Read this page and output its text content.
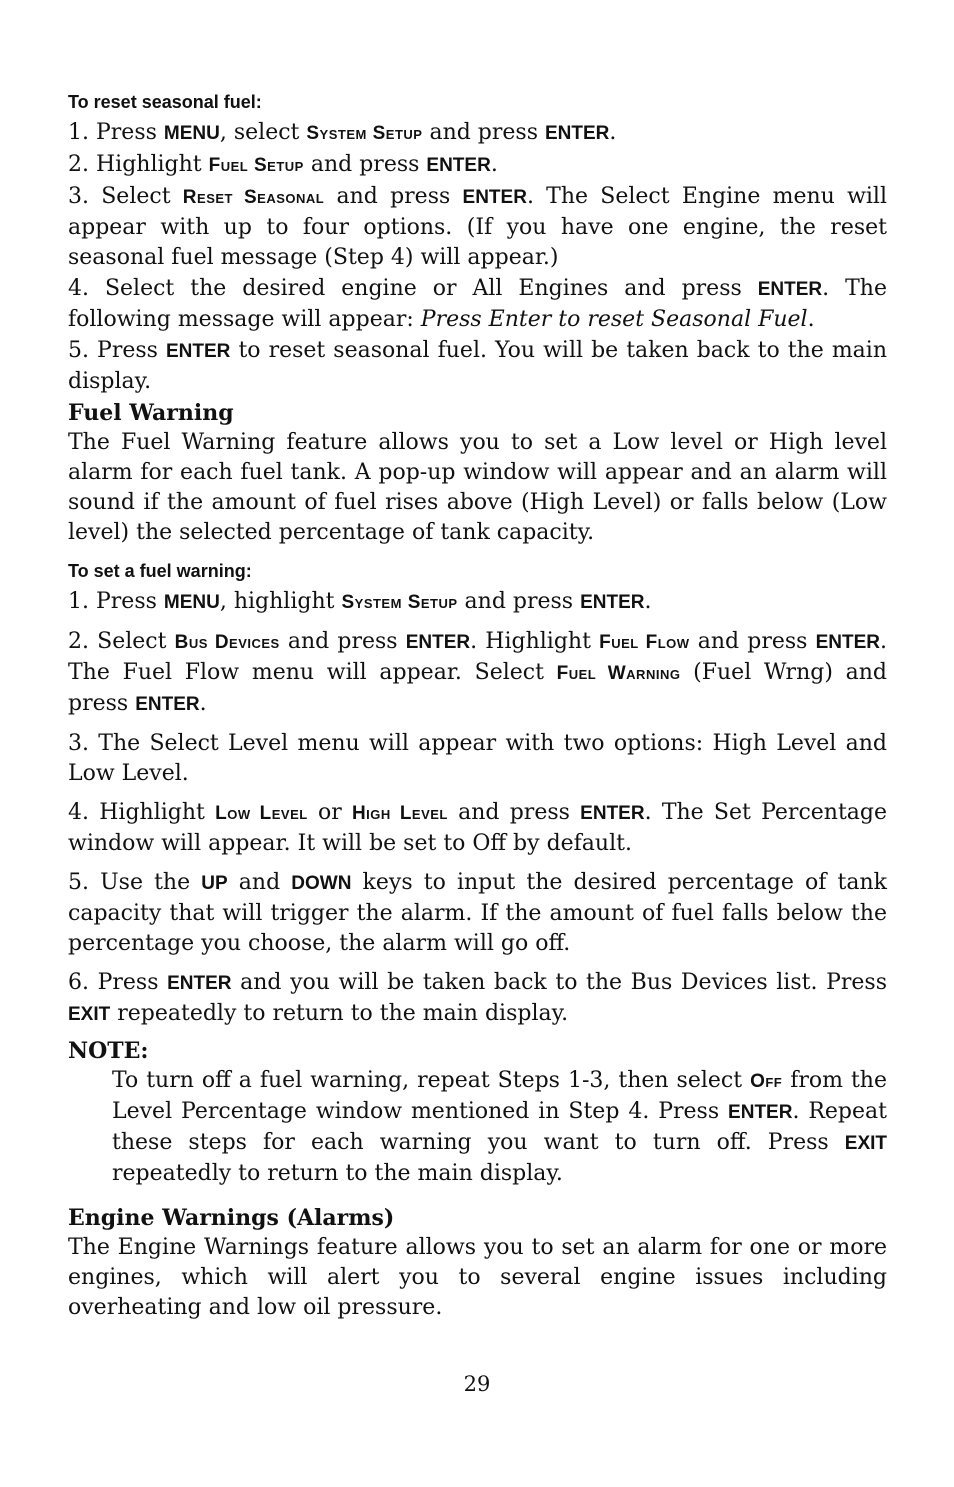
To reset seasonal fuel:

1. Press MENU, select System Setup and press ENTER.

2. Highlight Fuel Setup and press ENTER.

3. Select Reset Seasonal and press ENTER. The Select Engine menu will appear with up to four options. (If you have one engine, the reset seasonal fuel message (Step 4) will appear.)

4. Select the desired engine or All Engines and press ENTER. The following message will appear: Press Enter to reset Seasonal Fuel.

5. Press ENTER to reset seasonal fuel. You will be taken back to the main display.

Fuel Warning

The Fuel Warning feature allows you to set a Low level or High level alarm for each fuel tank. A pop-up window will appear and an alarm will sound if the amount of fuel rises above (High Level) or falls below (Low level) the selected percentage of tank capacity.

To set a fuel warning:

1. Press MENU, highlight System Setup and press ENTER.

2. Select Bus Devices and press ENTER. Highlight Fuel Flow and press ENTER. The Fuel Flow menu will appear. Select Fuel Warning (Fuel Wrng) and press ENTER.

3. The Select Level menu will appear with two options: High Level and Low Level.

4. Highlight Low Level or High Level and press ENTER. The Set Percentage window will appear. It will be set to Off by default.

5. Use the UP and DOWN keys to input the desired percentage of tank capacity that will trigger the alarm. If the amount of fuel falls below the percentage you choose, the alarm will go off.

6. Press ENTER and you will be taken back to the Bus Devices list. Press EXIT repeatedly to return to the main display.

NOTE:

To turn off a fuel warning, repeat Steps 1-3, then select Off from the Level Percentage window mentioned in Step 4. Press ENTER. Repeat these steps for each warning you want to turn off. Press EXIT repeatedly to return to the main display.

Engine Warnings (Alarms)

The Engine Warnings feature allows you to set an alarm for one or more engines, which will alert you to several engine issues including overheating and low oil pressure.

29
